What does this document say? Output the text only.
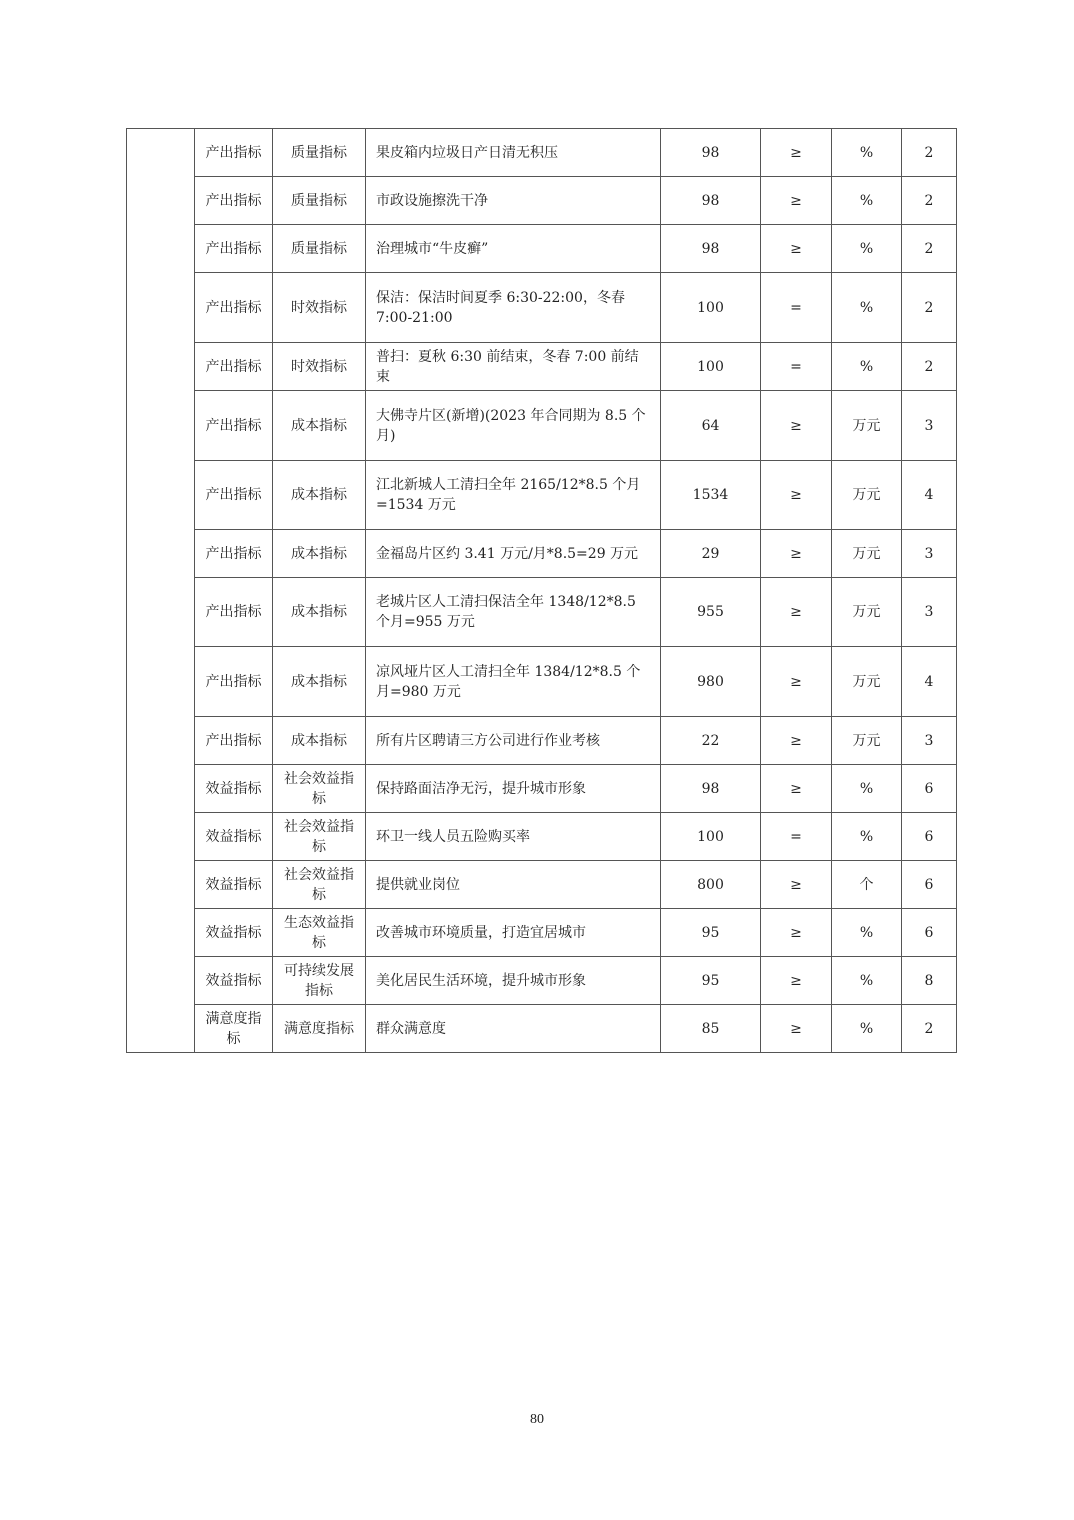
	产出指标	质量指标	果皮箱内垃圾日产日清无积压	98	≥	%	2
	产出指标	质量指标	市政设施擦洗干净	98	≥	%	2
	产出指标	质量指标	治理城市“牛皮癣”	98	≥	%	2
	产出指标	时效指标	保洁：保洁时间夏季 6:30-22:00，冬春 7:00-21:00	100	=	%	2
	产出指标	时效指标	普扫：夏秋 6:30 前结束，冬春 7:00 前结束	100	=	%	2
	产出指标	成本指标	大佛寺片区(新增)(2023 年合同期为 8.5 个月)	64	≥	万元	3
	产出指标	成本指标	江北新城人工清扫全年 2165/12*8.5 个月=1534 万元	1534	≥	万元	4
	产出指标	成本指标	金福岛片区约 3.41 万元/月*8.5=29 万元	29	≥	万元	3
	产出指标	成本指标	老城片区人工清扫保洁全年 1348/12*8.5 个月=955 万元	955	≥	万元	3
	产出指标	成本指标	凉风垭片区人工清扫全年 1384/12*8.5 个月=980 万元	980	≥	万元	4
	产出指标	成本指标	所有片区聘请三方公司进行作业考核	22	≥	万元	3
	效益指标	社会效益指标	保持路面洁净无污，提升城市形象	98	≥	%	6
	效益指标	社会效益指标	环卫一线人员五险购买率	100	=	%	6
	效益指标	社会效益指标	提供就业岗位	800	≥	个	6
	效益指标	生态效益指标	改善城市环境质量，打造宜居城市	95	≥	%	6
	效益指标	可持续发展指标	美化居民生活环境，提升城市形象	95	≥	%	8
	满意度指标	满意度指标	群众满意度	85	≥	%	2
80
